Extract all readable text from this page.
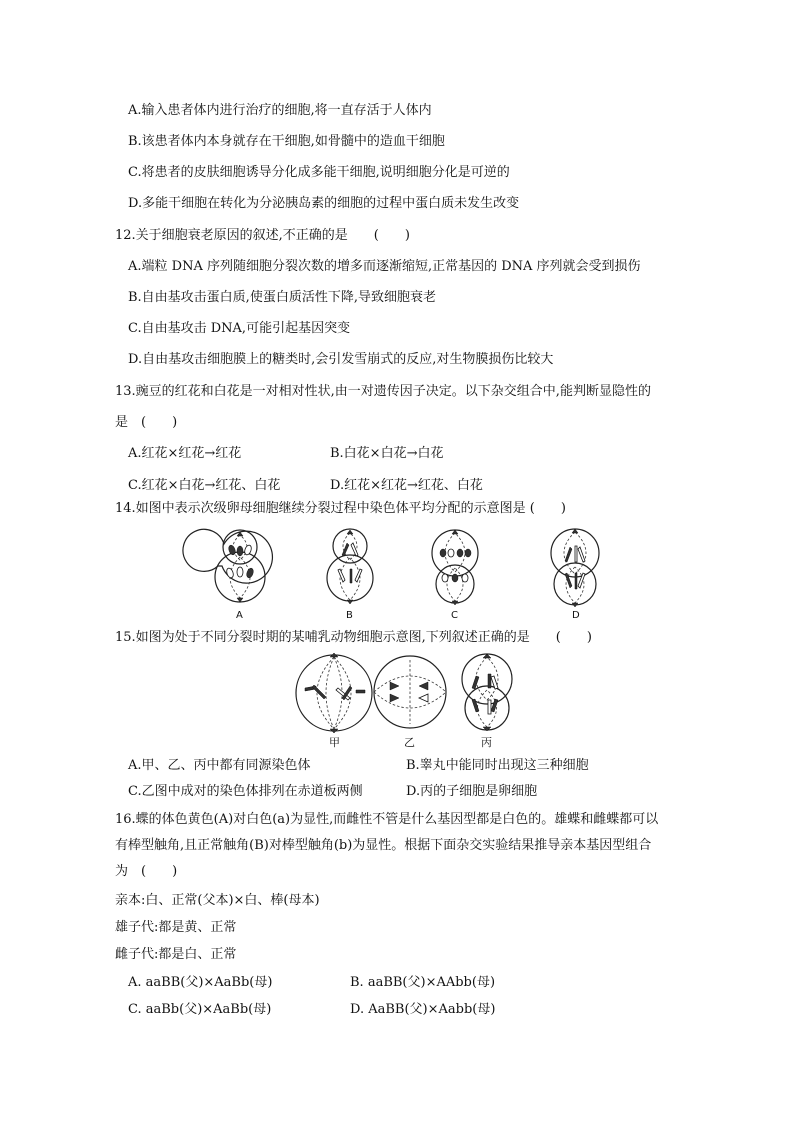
A.输入患者体内进行治疗的细胞,将一直存活于人体内
B.该患者体内本身就存在干细胞,如骨髓中的造血干细胞
C.将患者的皮肤细胞诱导分化成多能干细胞,说明细胞分化是可逆的
D.多能干细胞在转化为分泌胰岛素的细胞的过程中蛋白质未发生改变
12.关于细胞衰老原因的叙述,不正确的是　　(　　)
A.端粒 DNA 序列随细胞分裂次数的增多而逐渐缩短,正常基因的 DNA 序列就会受到损伤
B.自由基攻击蛋白质,使蛋白质活性下降,导致细胞衰老
C.自由基攻击 DNA,可能引起基因突变
D.自由基攻击细胞膜上的糖类时,会引发雪崩式的反应,对生物膜损伤比较大
13.豌豆的红花和白花是一对相对性状,由一对遗传因子决定。以下杂交组合中,能判断显隐性的
是　(　　)
A.红花×红花→红花	B.白花×白花→白花
C.红花×白花→红花、白花	D.红花×红花→红花、白花
14.如图中表示次级卵母细胞继续分裂过程中染色体平均分配的示意图是 (　　)
A	B	C	D
15.如图为处于不同分裂时期的某哺乳动物细胞示意图,下列叙述正确的是　　(　　)
甲	乙	丙
A.甲、乙、丙中都有同源染色体	B.睾丸中能同时出现这三种细胞
C.乙图中成对的染色体排列在赤道板两侧	D.丙的子细胞是卵细胞
16.蝶的体色黄色(A)对白色(a)为显性,而雌性不管是什么基因型都是白色的。雄蝶和雌蝶都可以
有棒型触角,且正常触角(B)对棒型触角(b)为显性。根据下面杂交实验结果推导亲本基因型组合
为　(　　)
亲本:白、正常(父本)×白、棒(母本)
雄子代:都是黄、正常
雌子代:都是白、正常
A. aaBB(父)×AaBb(母)	B. aaBB(父)×AAbb(母)
C. aaBb(父)×AaBb(母)	D. AaBB(父)×Aabb(母)
